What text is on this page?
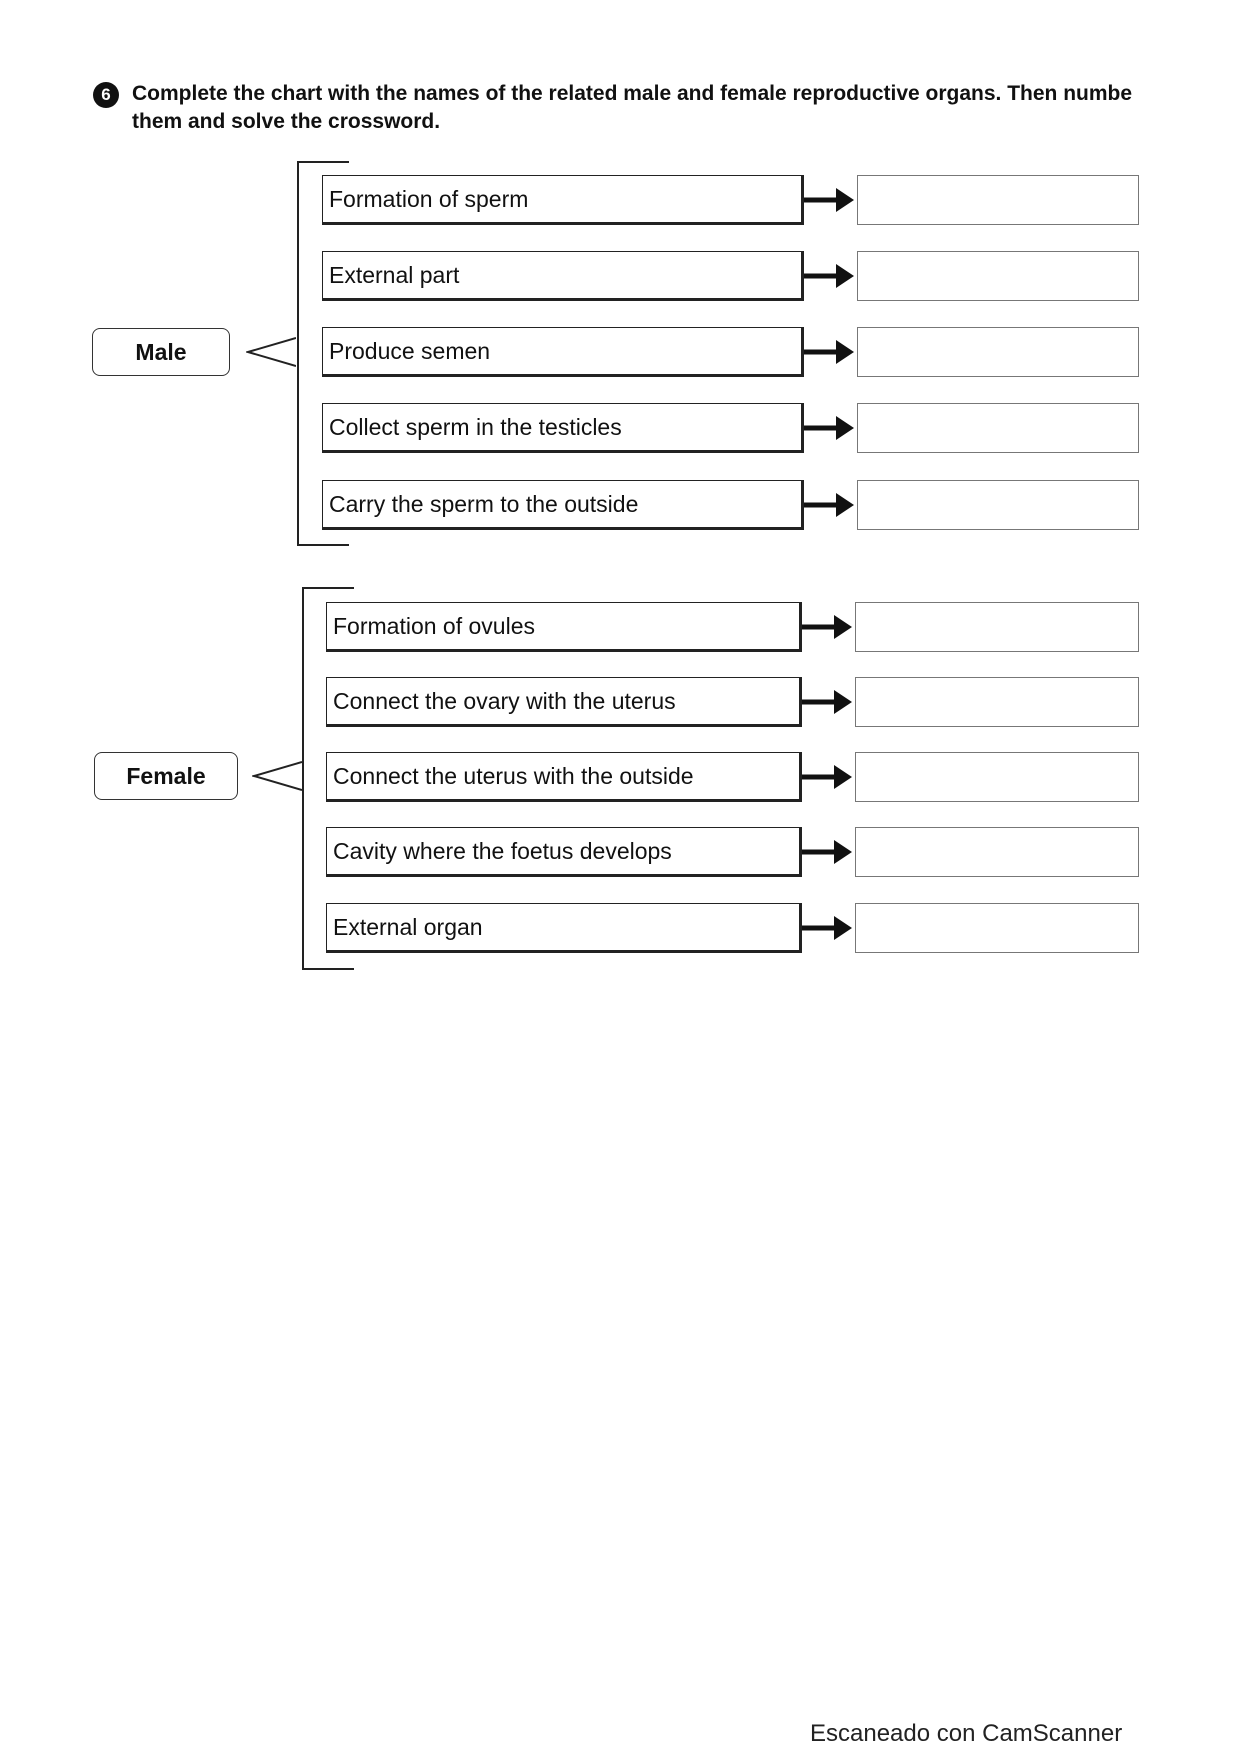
6	Complete the chart with the names of the related male and female reproductive organs. Then numbe
them and solve the crossword.
Male
Formation of sperm
External part
Produce semen
Collect sperm in the testicles
Carry the sperm to the outside
Female
Formation of ovules
Connect the ovary with the uterus
Connect the uterus with the outside
Cavity where the foetus develops
External organ
Escaneado con CamScanner
